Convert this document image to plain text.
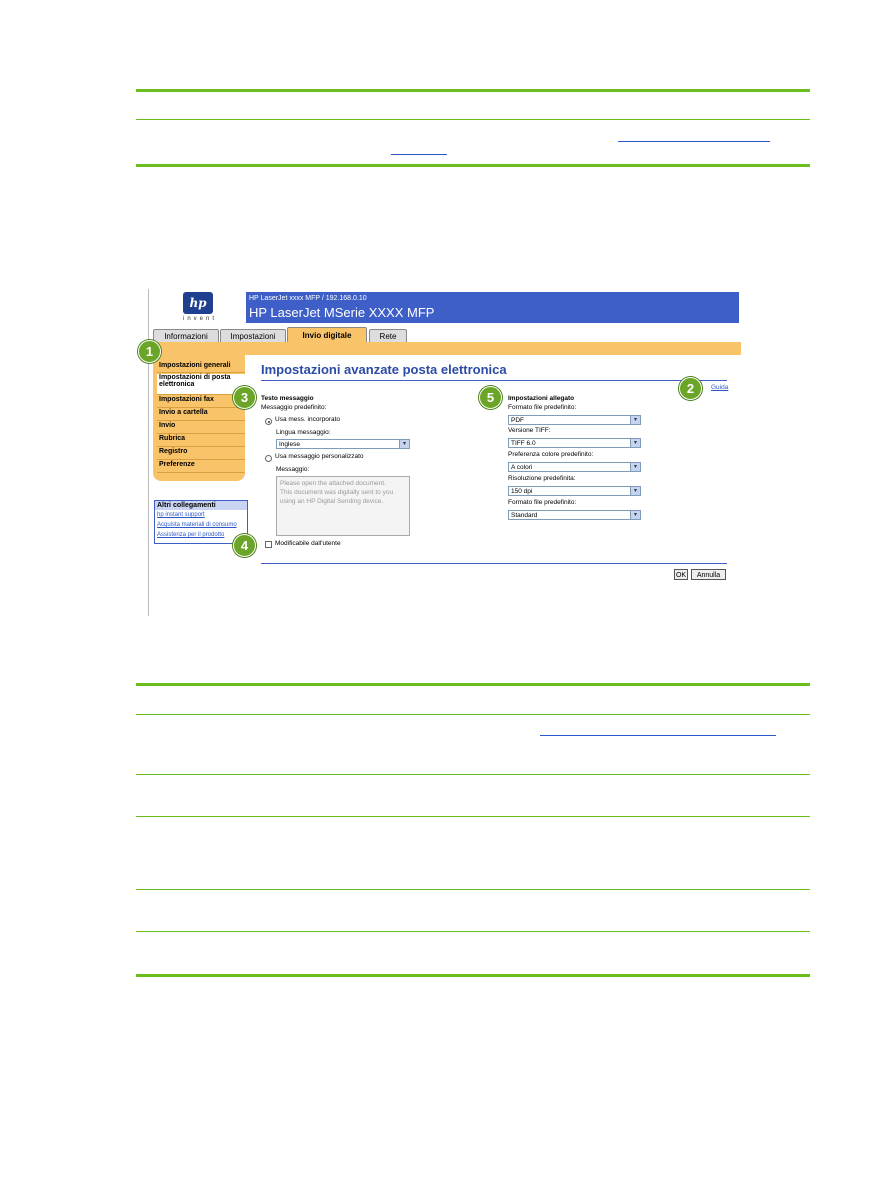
hp
invent
HP LaserJet xxxx MFP / 192.168.0.10
HP LaserJet MSerie XXXX MFP
Informazioni	Impostazioni	Invio digitale	Rete
Impostazioni generali
Impostazioni di posta elettronica
Impostazioni fax
Invio a cartella
Invio
Rubrica
Registro
Preferenze
Altri collegamenti
hp instant support
Acquista materiali di consumo
Assistenza per il prodotto
Impostazioni avanzate posta elettronica
Guida
Testo messaggio
Messaggio predefinito:
Usa mess. incorporato
Lingua messaggio:
Inglese	▾
Usa messaggio personalizzato
Messaggio:
Please open the attached document. This document was digitally sent to you using an HP Digital Sending device.
Modificabile dall'utente
Impostazioni allegato
Formato file predefinito:
PDF	▾
Versione TIFF:
TIFF 6.0	▾
Preferenza colore predefinito:
A colori	▾
Risoluzione predefinita:
150 dpi	▾
Formato file predefinito:
Standard	▾
OK	Annulla
1
2
3
4
5
